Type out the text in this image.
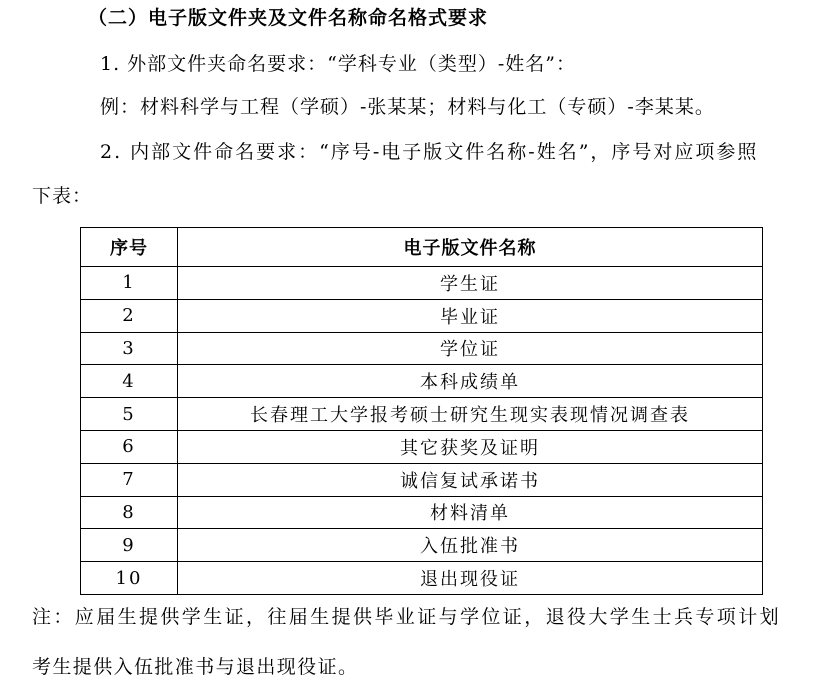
（二）电子版文件夹及文件名称命名格式要求
1. 外部文件夹命名要求：“学科专业（类型）-姓名”：
例：材料科学与工程（学硕）-张某某；材料与化工（专硕）-李某某。
2. 内部文件命名要求：“序号-电子版文件名称-姓名”，序号对应项参照
下表：
序号	电子版文件名称
1	学生证
2	毕业证
3	学位证
4	本科成绩单
5	长春理工大学报考硕士研究生现实表现情况调查表
6	其它获奖及证明
7	诚信复试承诺书
8	材料清单
9	入伍批准书
10	退出现役证
注：应届生提供学生证，往届生提供毕业证与学位证，退役大学生士兵专项计划
考生提供入伍批准书与退出现役证。
